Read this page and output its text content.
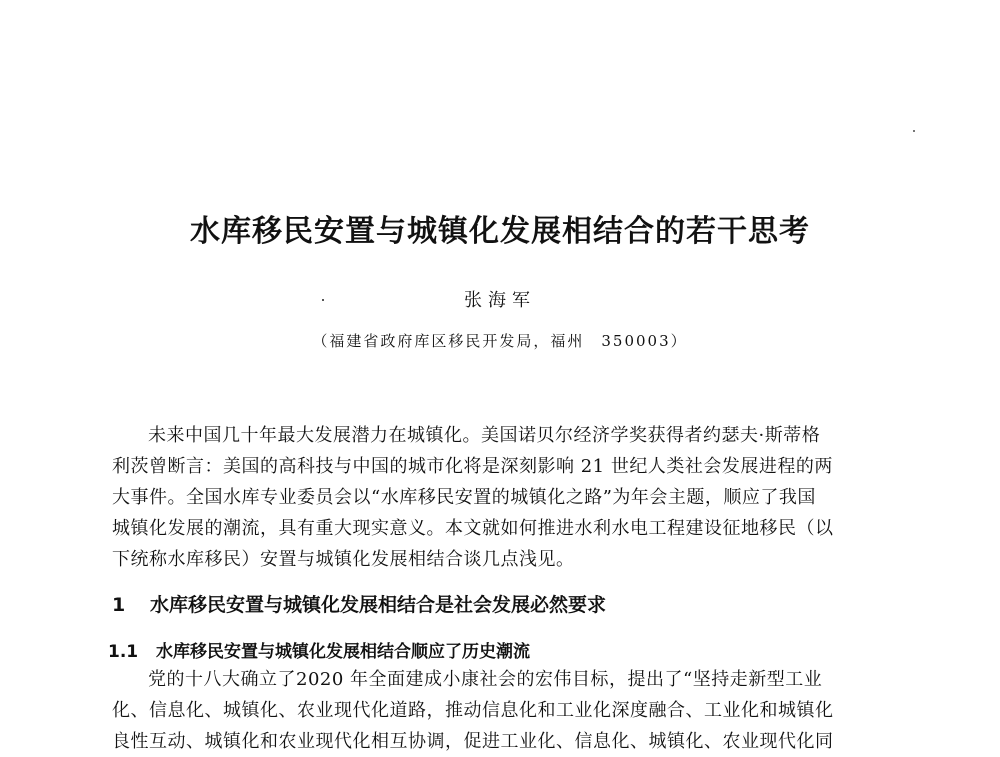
水库移民安置与城镇化发展相结合的若干思考
张海军
（福建省政府库区移民开发局，福州　350003）
未来中国几十年最大发展潜力在城镇化。美国诺贝尔经济学奖获得者约瑟夫·斯蒂格
利茨曾断言：美国的高科技与中国的城市化将是深刻影响 21 世纪人类社会发展进程的两
大事件。全国水库专业委员会以“水库移民安置的城镇化之路”为年会主题，顺应了我国
城镇化发展的潮流，具有重大现实意义。本文就如何推进水利水电工程建设征地移民（以
下统称水库移民）安置与城镇化发展相结合谈几点浅见。
1 水库移民安置与城镇化发展相结合是社会发展必然要求
1.1 水库移民安置与城镇化发展相结合顺应了历史潮流
党的十八大确立了2020 年全面建成小康社会的宏伟目标，提出了“坚持走新型工业
化、信息化、城镇化、农业现代化道路，推动信息化和工业化深度融合、工业化和城镇化
良性互动、城镇化和农业现代化相互协调，促进工业化、信息化、城镇化、农业现代化同
